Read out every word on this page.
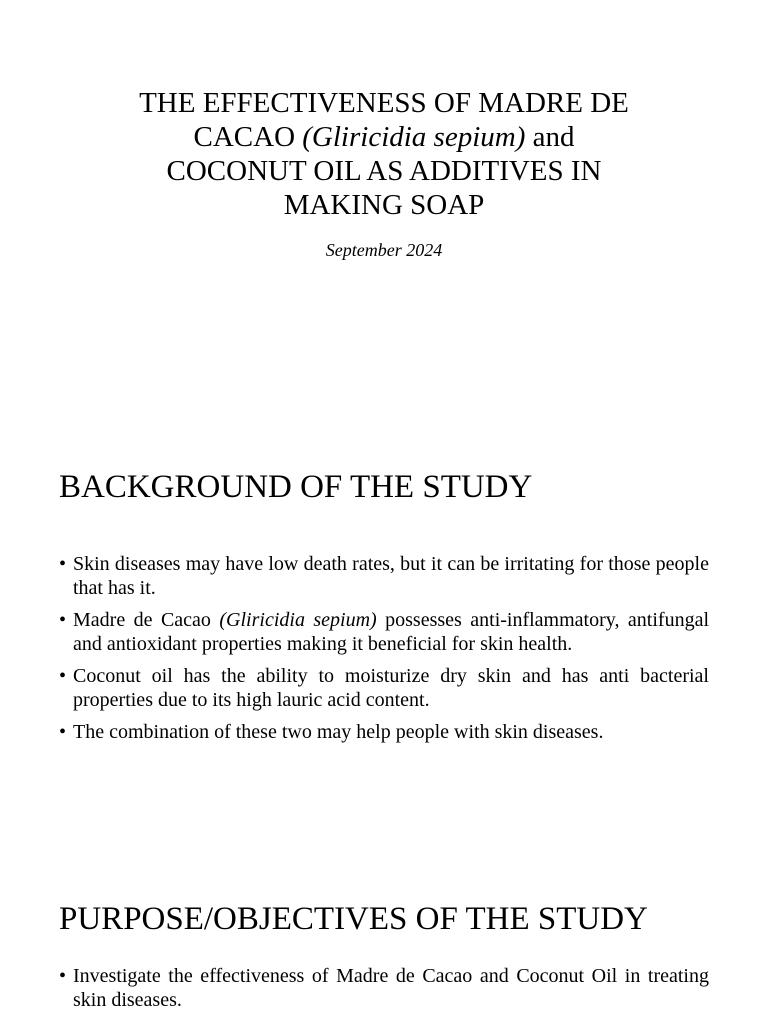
THE EFFECTIVENESS OF MADRE DE
CACAO (Gliricidia sepium) and
COCONUT OIL AS ADDITIVES IN
MAKING SOAP
September 2024
BACKGROUND OF THE STUDY
• Skin diseases may have low death rates, but it can be irritating for those people that has it.
• Madre de Cacao (Gliricidia sepium) possesses anti-inflammatory, antifungal and antioxidant properties making it beneficial for skin health.
• Coconut oil has the ability to moisturize dry skin and has anti bacterial properties due to its high lauric acid content.
• The combination of these two may help people with skin diseases.
PURPOSE/OBJECTIVES OF THE STUDY
• Investigate the effectiveness of Madre de Cacao and Coconut Oil in treating skin diseases.
